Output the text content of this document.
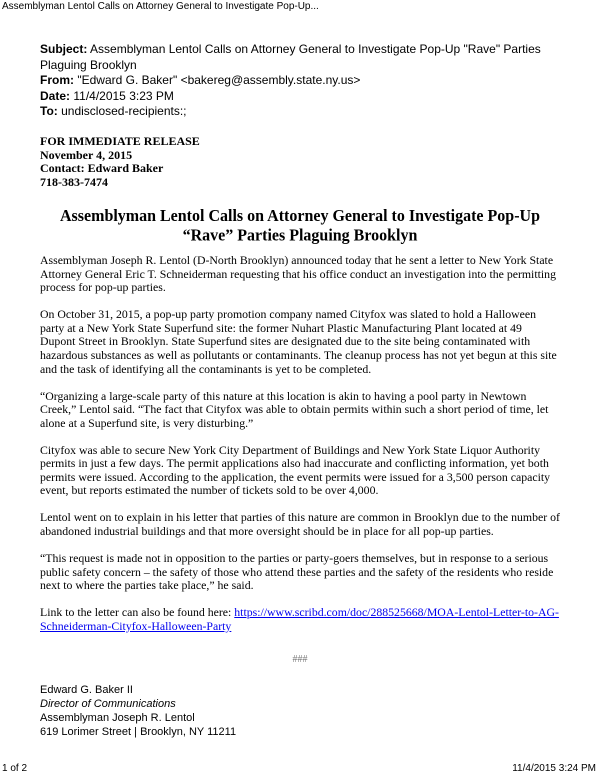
Assemblyman Lentol Calls on Attorney General to Investigate Pop-Up...

Subject: Assemblyman Lentol Calls on Attorney General to Investigate Pop-Up "Rave" Parties Plaguing Brooklyn

From: "Edward G. Baker" <bakereg@assembly.state.ny.us>

Date: 11/4/2015 3:23 PM

To: undisclosed-recipients:;

FOR IMMEDIATE RELEASE
November 4, 2015
Contact: Edward Baker
718-383-7474
Assemblyman Lentol Calls on Attorney General to Investigate Pop-Up
“Rave” Parties Plaguing Brooklyn

Assemblyman Joseph R. Lentol (D-North Brooklyn) announced today that he sent a letter to New York State Attorney General Eric T. Schneiderman requesting that his office conduct an investigation into the permitting process for pop-up parties.

On October 31, 2015, a pop-up party promotion company named Cityfox was slated to hold a Halloween party at a New York State Superfund site: the former Nuhart Plastic Manufacturing Plant located at 49 Dupont Street in Brooklyn. State Superfund sites are designated due to the site being contaminated with hazardous substances as well as pollutants or contaminants. The cleanup process has not yet begun at this site and the task of identifying all the contaminants is yet to be completed.

“Organizing a large-scale party of this nature at this location is akin to having a pool party in Newtown Creek,” Lentol said. “The fact that Cityfox was able to obtain permits within such a short period of time, let alone at a Superfund site, is very disturbing.”

Cityfox was able to secure New York City Department of Buildings and New York State Liquor Authority permits in just a few days. The permit applications also had inaccurate and conflicting information, yet both permits were issued. According to the application, the event permits were issued for a 3,500 person capacity event, but reports estimated the number of tickets sold to be over 4,000.

Lentol went on to explain in his letter that parties of this nature are common in Brooklyn due to the number of abandoned industrial buildings and that more oversight should be in place for all pop-up parties.

“This request is made not in opposition to the parties or party-goers themselves, but in response to a serious public safety concern – the safety of those who attend these parties and the safety of the residents who reside next to where the parties take place,” he said.

Link to the letter can also be found here: https://www.scribd.com/doc/288525668/MOA-Lentol-Letter-to-AG-Schneiderman-Cityfox-Halloween-Party

###
Edward G. Baker II
Director of Communications
Assemblyman Joseph R. Lentol
619 Lorimer Street | Brooklyn, NY 11211
1 of 2	11/4/2015 3:24 PM
